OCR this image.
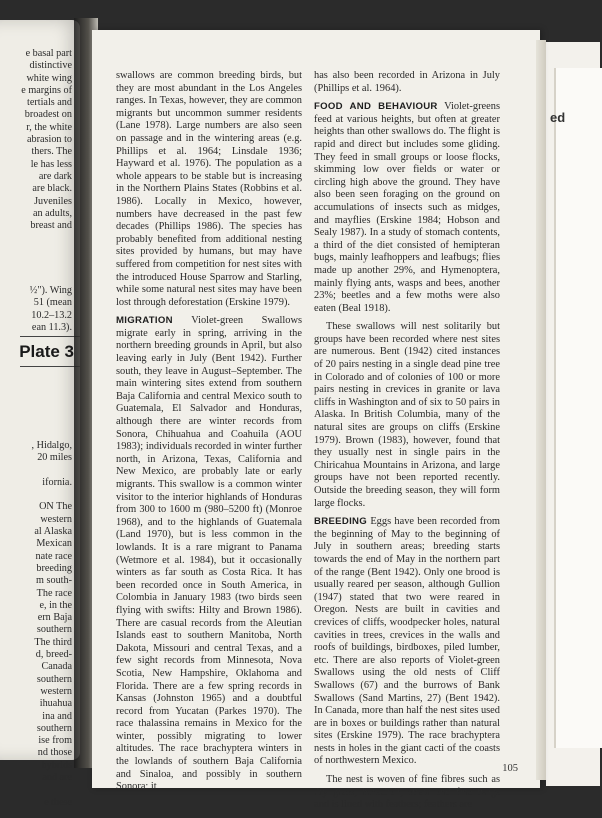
e basal part
distinctive
white wing
e margins of
tertials and
broadest on
r, the white
abrasion to
thers. The
le has less
are dark
are black.
Juveniles
an adults,
breast and
½"). Wing
51 (mean
10.2–13.2
ean 11.3).
Plate 3
, Hidalgo,
20 miles

ifornia.

ON The
western
al Alaska
Mexican
nate race
breeding
m south-
The race
e, in the
ern Baja
southern
The third
d, breed-
Canada
southern
western
ihuahua
ina and
southern
ise from
nd those
hybrids
and are

e these
ed

swallows are common breeding birds, but they are most abundant in the Los Angeles ranges. In Texas, however, they are common migrants but uncommon summer residents (Lane 1978). Large numbers are also seen on passage and in the wintering areas (e.g. Phillips et al. 1964; Linsdale 1936; Hayward et al. 1976). The population as a whole appears to be stable but is increasing in the Northern Plains States (Robbins et al. 1986). Locally in Mexico, however, numbers have decreased in the past few decades (Phillips 1986). The species has probably benefited from additional nesting sites provided by humans, but may have suffered from competition for nest sites with the introduced House Sparrow and Starling, while some natural nest sites may have been lost through deforestation (Erskine 1979).

MIGRATION Violet-green Swallows migrate early in spring, arriving in the northern breeding grounds in April, but also leaving early in July (Bent 1942). Further south, they leave in August–September. The main wintering sites extend from southern Baja California and central Mexico south to Guatemala, El Salvador and Honduras, although there are winter records from Sonora, Chihuahua and Coahuila (AOU 1983); individuals recorded in winter further north, in Arizona, Texas, California and New Mexico, are probably late or early migrants. This swallow is a common winter visitor to the interior highlands of Honduras from 300 to 1600 m (980–5200 ft) (Monroe 1968), and to the highlands of Guatemala (Land 1970), but is less common in the lowlands. It is a rare migrant to Panama (Wetmore et al. 1984), but it occasionally winters as far south as Costa Rica. It has been recorded once in South America, in Colombia in January 1983 (two birds seen flying with swifts: Hilty and Brown 1986). There are casual records from the Aleutian Islands east to southern Manitoba, North Dakota, Missouri and central Texas, and a few sight records from Minnesota, Nova Scotia, New Hampshire, Oklahoma and Florida. There are a few spring records in Kansas (Johnston 1965) and a doubtful record from Yucatan (Parkes 1970). The race thalassina remains in Mexico for the winter, possibly migrating to lower altitudes. The race brachyptera winters in the lowlands of southern Baja California and Sinaloa, and possibly in southern Sonora; it

has also been recorded in Arizona in July (Phillips et al. 1964).

FOOD AND BEHAVIOUR Violet-greens feed at various heights, but often at greater heights than other swallows do. The flight is rapid and direct but includes some gliding. They feed in small groups or loose flocks, skimming low over fields or water or circling high above the ground. They have also been seen foraging on the ground on accumulations of insects such as midges, and mayflies (Erskine 1984; Hobson and Sealy 1987). In a study of stomach contents, a third of the diet consisted of hemipteran bugs, mainly leafhoppers and leafbugs; flies made up another 29%, and Hymenoptera, mainly flying ants, wasps and bees, another 23%; beetles and a few moths were also eaten (Beal 1918).

These swallows will nest solitarily but groups have been recorded where nest sites are numerous. Bent (1942) cited instances of 20 pairs nesting in a single dead pine tree in Colorado and of colonies of 100 or more pairs nesting in crevices in granite or lava cliffs in Washington and of six to 50 pairs in Alaska. In British Columbia, many of the natural sites are groups on cliffs (Erskine 1979). Brown (1983), however, found that they usually nest in single pairs in the Chiricahua Mountains in Arizona, and large groups have not been reported recently. Outside the breeding season, they will form large flocks.

BREEDING Eggs have been recorded from the beginning of May to the beginning of July in southern areas; breeding starts towards the end of May in the northern part of the range (Bent 1942). Only one brood is usually reared per season, although Gullion (1947) stated that two were reared in Oregon. Nests are built in cavities and crevices of cliffs, woodpecker holes, natural cavities in trees, crevices in the walls and roofs of buildings, birdboxes, piled lumber, etc. There are also reports of Violet-green Swallows using the old nests of Cliff Swallows (67) and the burrows of Bank Swallows (Sand Martins, 27) (Bent 1942). In Canada, more than half the nest sites used are in boxes or buildings rather than natural sites (Erskine 1979). The race brachyptera nests in holes in the giant cacti of the coasts of northwestern Mexico.

The nest is woven of fine fibres such as dry grass, horsehair, straw and fine twigs and is lined with feathers; feathers are

105
